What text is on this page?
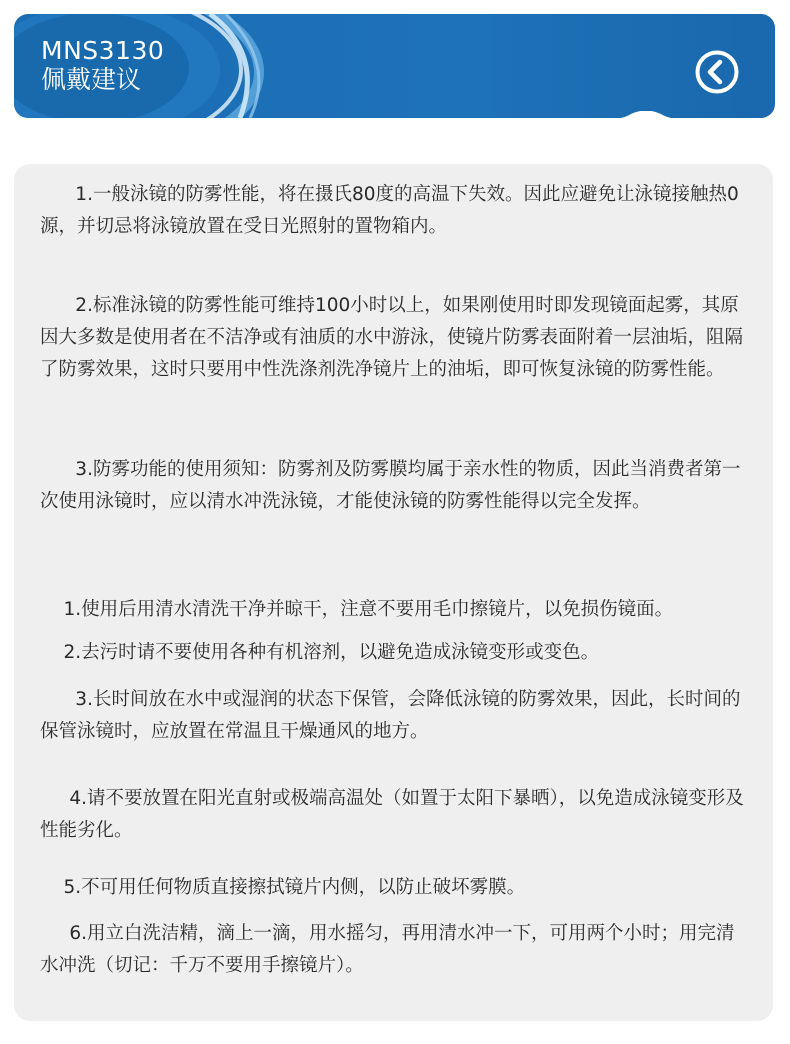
MNS3130
佩戴建议
1.一般泳镜的防雾性能，将在摄氏80度的高温下失效。因此应避免让泳镜接触热0源，并切忌将泳镜放置在受日光照射的置物箱内。
2.标准泳镜的防雾性能可维持100小时以上，如果刚使用时即发现镜面起雾，其原因大多数是使用者在不洁净或有油质的水中游泳，使镜片防雾表面附着一层油垢，阻隔了防雾效果，这时只要用中性洗涤剂洗净镜片上的油垢，即可恢复泳镜的防雾性能。
3.防雾功能的使用须知：防雾剂及防雾膜均属于亲水性的物质，因此当消费者第一次使用泳镜时，应以清水冲洗泳镜，才能使泳镜的防雾性能得以完全发挥。
1.使用后用清水清洗干净并晾干，注意不要用毛巾擦镜片，以免损伤镜面。
2.去污时请不要使用各种有机溶剂，以避免造成泳镜变形或变色。
3.长时间放在水中或湿润的状态下保管，会降低泳镜的防雾效果，因此，长时间的保管泳镜时，应放置在常温且干燥通风的地方。
4.请不要放置在阳光直射或极端高温处（如置于太阳下暴晒），以免造成泳镜变形及性能劣化。
5.不可用任何物质直接擦拭镜片内侧，以防止破坏雾膜。
6.用立白洗洁精，滴上一滴，用水摇匀，再用清水冲一下，可用两个小时；用完清水冲洗（切记：千万不要用手擦镜片）。
